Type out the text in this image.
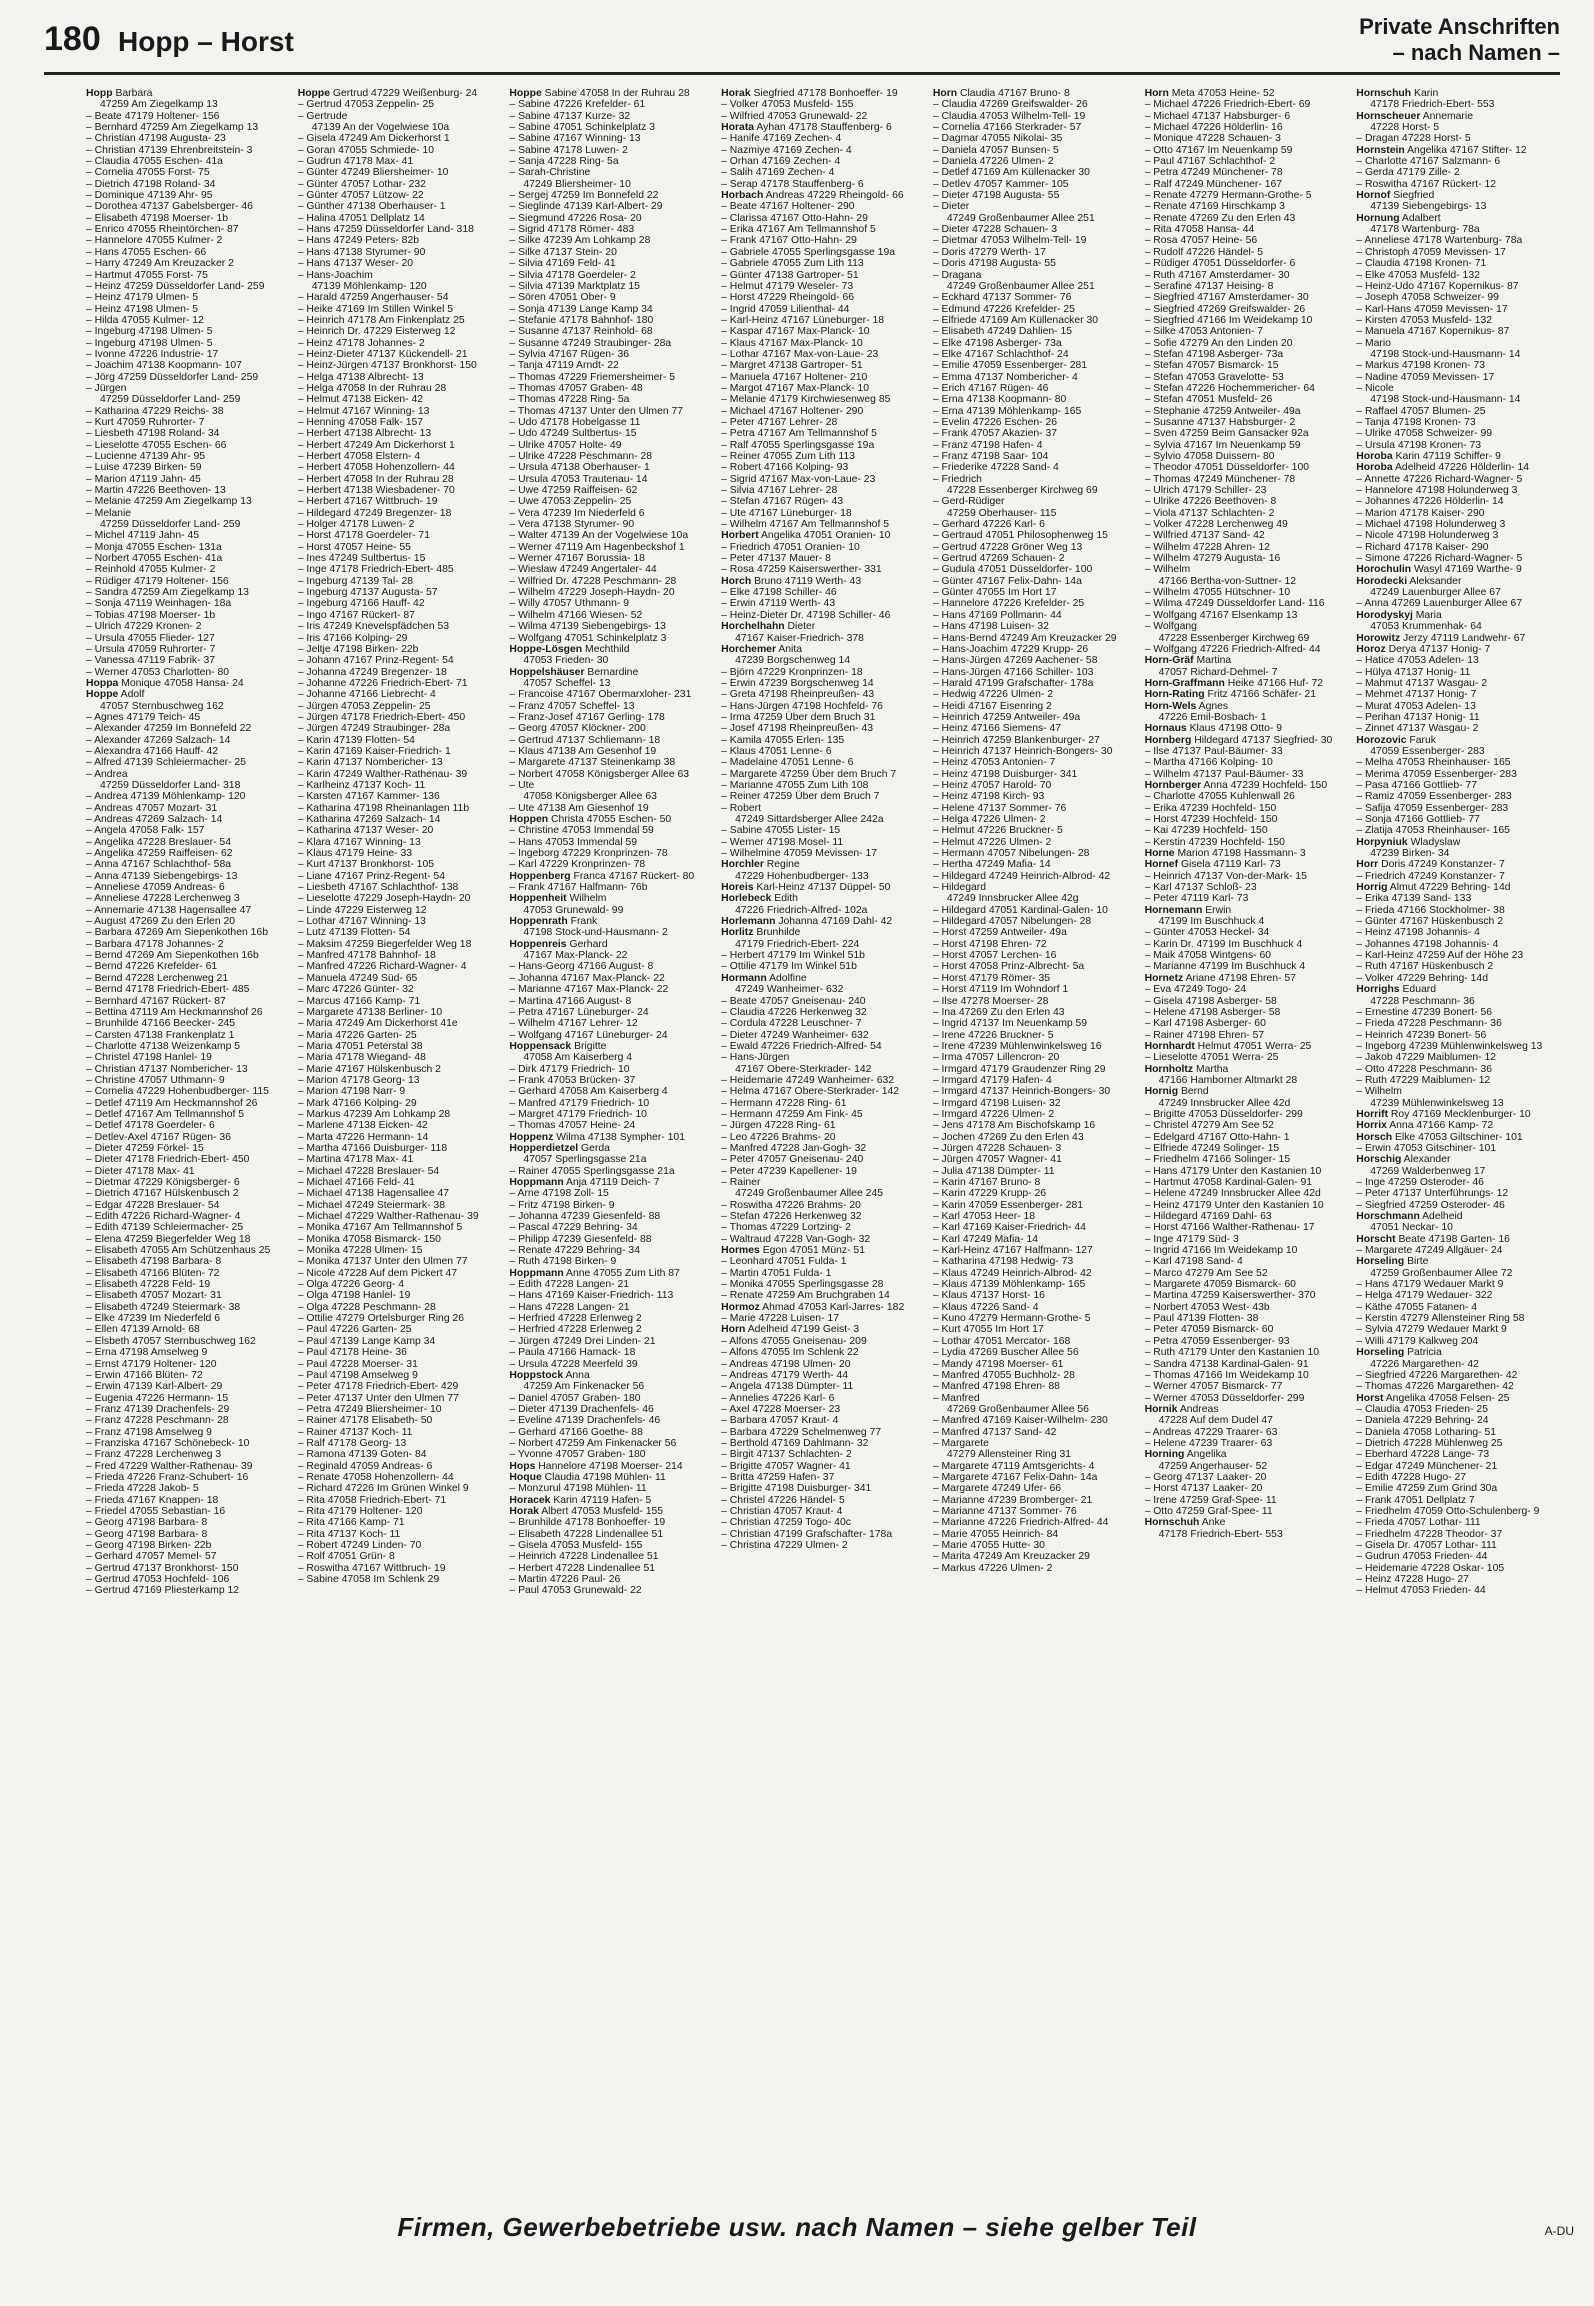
180 Hopp – Horst	Private Anschriften
– nach Namen –
Hopp Barbara
47259 Am Ziegelkamp 13
– Beate 47179 Holtener- 156
– Bernhard 47259 Am Ziegelkamp 13
– Christian 47198 Augusta- 23
– Christian 47139 Ehrenbreitstein- 3
– Claudia 47055 Eschen- 41a
– Cornelia 47055 Forst- 75
– Dietrich 47198 Roland- 34
– Dominique 47139 Ahr- 95
– Dorothea 47137 Gabelsberger- 46
– Elisabeth 47198 Moerser- 1b
– Enrico 47055 Rheintörchen- 87
– Hannelore 47055 Kulmer- 2
– Hans 47055 Eschen- 66
– Harry 47249 Am Kreuzacker 2
– Hartmut 47055 Forst- 75
– Heinz 47259 Düsseldorfer Land- 259
– Heinz 47179 Ulmen- 5
– Heinz 47198 Ulmen- 5
– Hilda 47055 Kulmer- 12
– Ingeburg 47198 Ulmen- 5
– Ingeburg 47198 Ulmen- 5
– Ivonne 47226 Industrie- 17
– Joachim 47138 Koopmann- 107
– Jörg 47259 Düsseldorfer Land- 259
– Jürgen
47259 Düsseldorfer Land- 259
– Katharina 47229 Reichs- 38
– Kurt 47059 Ruhrorter- 7
– Liesbeth 47198 Roland- 34
– Lieselotte 47055 Eschen- 66
– Lucienne 47139 Ahr- 95
– Luise 47239 Birken- 59
– Marion 47119 Jahn- 45
– Martin 47226 Beethoven- 13
– Melanie 47259 Am Ziegelkamp 13
– Melanie
47259 Düsseldorfer Land- 259
– Michel 47119 Jahn- 45
– Monja 47055 Eschen- 131a
– Norbert 47055 Eschen- 41a
– Reinhold 47055 Kulmer- 2
– Rüdiger 47179 Holtener- 156
– Sandra 47259 Am Ziegelkamp 13
– Sonja 47119 Weinhagen- 18a
– Tobias 47198 Moerser- 1b
– Ulrich 47229 Kronen- 2
– Ursula 47055 Flieder- 127
– Ursula 47059 Ruhrorter- 7
– Vanessa 47119 Fabrik- 37
– Werner 47053 Charlotten- 80
Hoppa Monique 47058 Hansa- 24
Hoppe Adolf
47057 Sternbuschweg 162
– Agnes 47179 Teich- 45
– Alexander 47259 Im Bonnefeld 22
– Alexander 47269 Salzach- 14
– Alexandra 47166 Hauff- 42
– Alfred 47139 Schleiermacher- 25
– Andrea
47259 Düsseldorfer Land- 318
– Andrea 47139 Möhlenkamp- 120
– Andreas 47057 Mozart- 31
– Andreas 47269 Salzach- 14
– Angela 47058 Falk- 157
– Angelika 47228 Breslauer- 54
– Angelika 47259 Raiffeisen- 62
– Anna 47167 Schlachthof- 58a
– Anna 47139 Siebengebirgs- 13
– Anneliese 47059 Andreas- 6
– Anneliese 47228 Lerchenweg 3
– Annemarie 47138 Hagensallee 47
– August 47269 Zu den Erlen 20
– Barbara 47269 Am Siepenkothen 16b
– Barbara 47178 Johannes- 2
– Bernd 47269 Am Siepenkothen 16b
– Bernd 47226 Krefelder- 61
– Bernd 47228 Lerchenweg 21
– Bernd 47178 Friedrich-Ebert- 485
– Bernhard 47167 Rückert- 87
– Bettina 47119 Am Heckmannshof 26
– Brunhilde 47166 Beecker- 245
– Carsten 47138 Frankenplatz 1
– Charlotte 47138 Weizenkamp 5
– Christel 47198 Hanlel- 19
– Christian 47137 Nombericher- 13
– Christine 47057 Uthmann- 9
– Cornelia 47229 Hohenbudberger- 115
– Detlef 47119 Am Heckmannshof 26
– Detlef 47167 Am Tellmannshof 5
– Detlef 47178 Goerdeler- 6
– Detlev-Axel 47167 Rügen- 36
– Dieter 47259 Förkel- 15
– Dieter 47178 Friedrich-Ebert- 450
– Dieter 47178 Max- 41
– Dietmar 47229 Königsberger- 6
– Dietrich 47167 Hülskenbusch 2
– Edgar 47228 Breslauer- 54
– Edith 47226 Richard-Wagner- 4
– Edith 47139 Schleiermacher- 25
– Elena 47259 Biegerfelder Weg 18
– Elisabeth 47055 Am Schützenhaus 25
– Elisabeth 47198 Barbara- 8
– Elisabeth 47166 Blüten- 72
– Elisabeth 47228 Feld- 19
– Elisabeth 47057 Mozart- 31
– Elisabeth 47249 Steiermark- 38
– Elke 47239 Im Niederfeld 6
– Ellen 47139 Arnold- 68
– Elsbeth 47057 Sternbuschweg 162
– Erna 47198 Amselweg 9
– Ernst 47179 Holtener- 120
– Erwin 47166 Blüten- 72
– Erwin 47139 Karl-Albert- 29
– Eugenia 47226 Hermann- 15
– Franz 47139 Drachenfels- 29
– Franz 47228 Peschmann- 28
– Franz 47198 Amselweg 9
– Franziska 47167 Schönebeck- 10
– Franz 47228 Lerchenweg 3
– Fred 47229 Walther-Rathenau- 39
– Frieda 47226 Franz-Schubert- 16
– Frieda 47228 Jakob- 5
– Frieda 47167 Knappen- 18
– Friedel 47055 Sebastian- 16
– Georg 47198 Barbara- 8
– Georg 47198 Barbara- 8
– Georg 47198 Birken- 22b
– Gerhard 47057 Memel- 57
– Gertrud 47137 Bronkhorst- 150
– Gertrud 47053 Hochfeld- 106
– Gertrud 47169 Pliesterkamp 12
Hoppe Gertrud 47229 Weißenburg- 24
– Gertrud 47053 Zeppelin- 25
– Gertrude
47139 An der Vogelwiese 10a
– Gisela 47249 Am Dickerhorst 1
– Goran 47055 Schmiede- 10
– Gudrun 47178 Max- 41
– Günter 47249 Bliersheimer- 10
– Günter 47057 Lothar- 232
– Günter 47057 Lützow- 22
– Günther 47138 Oberhauser- 1
– Halina 47051 Dellplatz 14
– Hans 47259 Düsseldorfer Land- 318
– Hans 47249 Peters- 82b
– Hans 47138 Styrumer- 90
– Hans 47137 Weser- 20
– Hans-Joachim
47139 Möhlenkamp- 120
– Harald 47259 Angerhauser- 54
– Heike 47169 Im Stillen Winkel 5
– Heinrich 47178 Am Finkenplatz 25
– Heinrich Dr. 47229 Eisterweg 12
– Heinz 47178 Johannes- 2
– Heinz-Dieter 47137 Kückendell- 21
– Heinz-Jürgen 47137 Bronkhorst- 150
– Helga 47138 Albrecht- 13
– Helga 47058 In der Ruhrau 28
– Helmut 47138 Eicken- 42
– Helmut 47167 Winning- 13
– Henning 47058 Falk- 157
– Herbert 47138 Albrecht- 13
– Herbert 47249 Am Dickerhorst 1
– Herbert 47058 Elstern- 4
– Herbert 47058 Hohenzollern- 44
– Herbert 47058 In der Ruhrau 28
– Herbert 47138 Wiesbadener- 70
– Herbert 47167 Wittbruch- 19
– Hildegard 47249 Bregenzer- 18
– Holger 47178 Luwen- 2
– Horst 47178 Goerdeler- 71
– Horst 47057 Heine- 55
– Ines 47249 Sultbertus- 15
– Inge 47178 Friedrich-Ebert- 485
– Ingeburg 47139 Tal- 28
– Ingeburg 47137 Augusta- 57
– Ingeburg 47166 Hauff- 42
– Ingo 47167 Rückert- 87
– Iris 47249 Knevelspfädchen 53
– Iris 47166 Kolping- 29
– Jeltje 47198 Birken- 22b
– Johann 47167 Prinz-Regent- 54
– Johanna 47249 Bregenzer- 18
– Johanne 47226 Friedrich-Ebert- 71
– Johanne 47166 Liebrecht- 4
– Jürgen 47053 Zeppelin- 25
– Jürgen 47178 Friedrich-Ebert- 450
– Jürgen 47249 Straubinger- 28a
– Karin 47139 Flotten- 54
– Karin 47169 Kaiser-Friedrich- 1
– Karin 47137 Nombericher- 13
– Karin 47249 Walther-Rathenau- 39
– Karlheinz 47137 Koch- 11
– Karsten 47167 Kammer- 136
– Katharina 47198 Rheinanlagen 11b
– Katharina 47269 Salzach- 14
– Katharina 47137 Weser- 20
– Klara 47167 Winning- 13
– Klaus 47179 Heine- 33
– Kurt 47137 Bronkhorst- 105
– Liane 47167 Prinz-Regent- 54
– Liesbeth 47167 Schlachthof- 138
– Lieselotte 47229 Joseph-Haydn- 20
– Linde 47229 Eisterweg 12
– Lothar 47167 Winning- 13
– Lutz 47139 Flotten- 54
– Maksim 47259 Biegerfelder Weg 18
– Manfred 47178 Bahnhof- 18
– Manfred 47226 Richard-Wagner- 4
– Manuela 47249 Süd- 65
– Marc 47226 Günter- 32
– Marcus 47166 Kamp- 71
– Margarete 47138 Berliner- 10
– Maria 47249 Am Dickerhorst 41e
– Maria 47226 Garten- 25
– Maria 47051 Peterstal 38
– Maria 47178 Wiegand- 48
– Marie 47167 Hülskenbusch 2
– Marion 47178 Georg- 13
– Marion 47198 Narr- 9
– Mark 47166 Kolping- 29
– Markus 47239 Am Lohkamp 28
– Marlene 47138 Eicken- 42
– Marta 47226 Hermann- 14
– Martha 47166 Duisburger- 118
– Martina 47178 Max- 41
– Michael 47228 Breslauer- 54
– Michael 47166 Feld- 41
– Michael 47138 Hagensallee 47
– Michael 47249 Steiermark- 38
– Michael 47229 Walther-Rathenau- 39
– Monika 47167 Am Tellmannshof 5
– Monika 47058 Bismarck- 150
– Monika 47228 Ulmen- 15
– Monika 47137 Unter den Ulmen 77
– Nicole 47228 Auf dem Pickert 47
– Olga 47226 Georg- 4
– Olga 47198 Hanlel- 19
– Olga 47228 Peschmann- 28
– Ottilie 47279 Ortelsburger Ring 26
– Paul 47226 Garten- 25
– Paul 47139 Lange Kamp 34
– Paul 47178 Heine- 36
– Paul 47228 Moerser- 31
– Paul 47198 Amselweg 9
– Peter 47178 Friedrich-Ebert- 429
– Peter 47137 Unter den Ulmen 77
– Petra 47249 Bliersheimer- 10
– Rainer 47178 Elisabeth- 50
– Rainer 47137 Koch- 11
– Ralf 47178 Georg- 13
– Ramona 47139 Goten- 84
– Reginald 47059 Andreas- 6
– Renate 47058 Hohenzollern- 44
– Richard 47226 Im Grünen Winkel 9
– Rita 47058 Friedrich-Ebert- 71
– Rita 47179 Holtener- 120
– Rita 47166 Kamp- 71
– Rita 47137 Koch- 11
– Robert 47249 Linden- 70
– Rolf 47051 Grün- 8
– Roswitha 47167 Wittbruch- 19
– Sabine 47058 Im Schlenk 29
Hoppe Sabine 47058 In der Ruhrau 28
– Sabine 47226 Krefelder- 61
– Sabine 47137 Kurze- 32
– Sabine 47051 Schinkelplatz 3
– Sabine 47167 Winning- 13
– Sabine 47178 Luwen- 2
– Sanja 47228 Ring- 5a
– Sarah-Christine
47249 Bliersheimer- 10
– Sergej 47259 Im Bonnefeld 22
– Sieglinde 47139 Karl-Albert- 29
– Siegmund 47226 Rosa- 20
– Sigrid 47178 Römer- 483
– Silke 47239 Am Lohkamp 28
– Silke 47137 Stein- 20
– Silvia 47169 Feld- 41
– Silvia 47178 Goerdeler- 2
– Silvia 47139 Marktplatz 15
– Sören 47051 Ober- 9
– Sonja 47139 Lange Kamp 34
– Stefanie 47178 Bahnhof- 180
– Susanne 47137 Reinhold- 68
– Susanne 47249 Straubinger- 28a
– Sylvia 47167 Rügen- 36
– Tanja 47119 Arndt- 22
– Thomas 47229 Friemersheimer- 5
– Thomas 47057 Graben- 48
– Thomas 47228 Ring- 5a
– Thomas 47137 Unter den Ulmen 77
– Udo 47178 Hobelgasse 11
– Udo 47249 Sultbertus- 15
– Ulrike 47057 Holte- 49
– Ulrike 47228 Peschmann- 28
– Ursula 47138 Oberhauser- 1
– Ursula 47053 Trautenau- 14
– Uwe 47259 Raiffeisen- 62
– Uwe 47053 Zeppelin- 25
– Vera 47239 Im Niederfeld 6
– Vera 47138 Styrumer- 90
– Walter 47139 An der Vogelwiese 10a
– Werner 47119 Am Hagenbeckshof 1
– Werner 47167 Borussia- 18
– Wieslaw 47249 Angertaler- 44
– Wilfried Dr. 47228 Peschmann- 28
– Wilhelm 47229 Joseph-Haydn- 20
– Willy 47057 Uthmann- 9
– Wilhelm 47166 Wiesen- 52
– Wilma 47139 Siebengebirgs- 13
– Wolfgang 47051 Schinkelplatz 3
Hoppe-Lösgen Mechthild
47053 Frieden- 30
Hoppelshäuser Bernardine
47057 Scheffel- 13
– Francoise 47167 Obermarxloher- 231
– Franz 47057 Scheffel- 13
– Franz-Josef 47167 Gerling- 178
– Georg 47057 Klöckner- 200
– Gertrud 47137 Schliemann- 18
– Klaus 47138 Am Gesenhof 19
– Margarete 47137 Steinenkamp 38
– Norbert 47058 Königsberger Allee 63
– Ute
47058 Königsberger Allee 63
– Ute 47138 Am Giesenhof 19
Hoppen Christa 47055 Eschen- 50
– Christine 47053 Immendal 59
– Hans 47053 Immendal 59
– Ingeborg 47229 Kronprinzen- 78
– Karl 47229 Kronprinzen- 78
Hoppenberg Franca 47167 Rückert- 80
– Frank 47167 Halfmann- 76b
Hoppenheit Wilhelm
47053 Grunewald- 99
Hoppenrath Frank
47198 Stock-und-Hausmann- 2
Hoppenreis Gerhard
47167 Max-Planck- 22
– Hans-Georg 47166 August- 8
– Johanna 47167 Max-Planck- 22
– Marianne 47167 Max-Planck- 22
– Martina 47166 August- 8
– Petra 47167 Lüneburger- 24
– Wilhelm 47167 Lehrer- 12
– Wolfgang 47167 Lüneburger- 24
Hoppensack Brigitte
47058 Am Kaiserberg 4
– Dirk 47179 Friedrich- 10
– Frank 47053 Brücken- 37
– Gerhard 47058 Am Kaiserberg 4
– Manfred 47179 Friedrich- 10
– Margret 47179 Friedrich- 10
– Thomas 47057 Heine- 24
Hoppenz Wilma 47138 Sympher- 101
Hopperdietzel Gerda
47057 Sperlingsgasse 21a
– Rainer 47055 Sperlingsgasse 21a
Hoppmann Anja 47119 Deich- 7
– Arne 47198 Zoll- 15
– Fritz 47198 Birken- 9
– Johanna 47239 Giesenfeld- 88
– Pascal 47229 Behring- 34
– Philipp 47239 Giesenfeld- 88
– Renate 47229 Behring- 34
– Ruth 47198 Birken- 9
Hoppmann Anne 47055 Zum Lith 87
– Edith 47228 Langen- 21
– Hans 47169 Kaiser-Friedrich- 113
– Hans 47228 Langen- 21
– Herfried 47228 Erlenweg 2
– Herfried 47228 Erlenweg 2
– Jürgen 47249 Drei Linden- 21
– Paula 47166 Hamack- 18
– Ursula 47228 Meerfeld 39
Hoppstock Anna
47259 Am Finkenacker 56
– Daniel 47057 Graben- 180
– Dieter 47139 Drachenfels- 46
– Eveline 47139 Drachenfels- 46
– Gerhard 47166 Goethe- 88
– Norbert 47259 Am Finkenacker 56
– Yvonne 47057 Graben- 180
Hops Hannelore 47198 Moerser- 214
Hoque Claudia 47198 Mühlen- 11
– Monzurul 47198 Mühlen- 11
Horacek Karin 47119 Hafen- 5
Horak Albert 47053 Musfeld- 155
– Brunhilde 47178 Bonhoeffer- 19
– Elisabeth 47228 Lindenallee 51
– Gisela 47053 Musfeld- 155
– Heinrich 47228 Lindenallee 51
– Herbert 47228 Lindenallee 51
– Martin 47226 Paul- 26
– Paul 47053 Grunewald- 22
Horak Siegfried 47178 Bonhoeffer- 19
– Volker 47053 Musfeld- 155
– Wilfried 47053 Grunewald- 22
Horata Ayhan 47178 Stauffenberg- 6
– Hanife 47169 Zechen- 4
– Nazmiye 47169 Zechen- 4
– Orhan 47169 Zechen- 4
– Salih 47169 Zechen- 4
– Serap 47178 Stauffenberg- 6
Horbach Andreas 47229 Rheingold- 66
– Beate 47167 Holtener- 290
– Clarissa 47167 Otto-Hahn- 29
– Erika 47167 Am Tellmannshof 5
– Frank 47167 Otto-Hahn- 29
– Gabriele 47055 Sperlingsgasse 19a
– Gabriele 47055 Zum Lith 113
– Günter 47138 Gartroper- 51
– Helmut 47179 Weseler- 73
– Horst 47229 Rheingold- 66
– Ingrid 47059 Lilienthal- 44
– Karl-Heinz 47167 Lüneburger- 18
– Kaspar 47167 Max-Planck- 10
– Klaus 47167 Max-Planck- 10
– Lothar 47167 Max-von-Laue- 23
– Margret 47138 Gartroper- 51
– Manuela 47167 Holtener- 210
– Margot 47167 Max-Planck- 10
– Melanie 47179 Kirchwiesenweg 85
– Michael 47167 Holtener- 290
– Peter 47167 Lehrer- 28
– Petra 47167 Am Tellmannshof 5
– Ralf 47055 Sperlingsgasse 19a
– Reiner 47055 Zum Lith 113
– Robert 47166 Kolping- 93
– Sigrid 47167 Max-von-Laue- 23
– Silvia 47167 Lehrer- 28
– Stefan 47167 Rügen- 43
– Ute 47167 Lüneburger- 18
– Wilhelm 47167 Am Tellmannshof 5
Horbert Angelika 47051 Oranien- 10
– Friedrich 47051 Oranien- 10
– Peter 47137 Mauer- 8
– Rosa 47259 Kaiserswerther- 331
Horch Bruno 47119 Werth- 43
– Elke 47198 Schiller- 46
– Erwin 47119 Werth- 43
– Heinz-Dieter Dr. 47198 Schiller- 46
Horchelhahn Dieter
47167 Kaiser-Friedrich- 378
Horchemer Anita
47239 Borgschenweg 14
– Björn 47229 Kronprinzen- 18
– Erwin 47239 Borgschenweg 14
– Greta 47198 Rheinpreußen- 43
– Hans-Jürgen 47198 Hochfeld- 76
– Irma 47259 Über dem Bruch 31
– Josef 47198 Rheinpreußen- 43
– Kamila 47055 Erlen- 135
– Klaus 47051 Lenne- 6
– Madelaine 47051 Lenne- 6
– Margarete 47259 Über dem Bruch 7
– Marianne 47055 Zum Lith 108
– Reiner 47259 Über dem Bruch 7
– Robert
47249 Sittardsberger Allee 242a
– Sabine 47055 Lister- 15
– Werner 47198 Mosel- 11
– Wilhelmine 47059 Mevissen- 17
Horchler Regine
47229 Hohenbudberger- 133
Horeis Karl-Heinz 47137 Düppel- 50
Horlebeck Edith
47226 Friedrich-Alfred- 102a
Horlemann Johanna 47169 Dahl- 42
Horlitz Brunhilde
47179 Friedrich-Ebert- 224
– Herbert 47179 Im Winkel 51b
– Ottilie 47179 Im Winkel 51b
Hormann Adolfine
47249 Wanheimer- 632
– Beate 47057 Gneisenau- 240
– Claudia 47226 Herkenweg 32
– Cordula 47228 Leuschner- 7
– Dieter 47249 Wanheimer- 632
– Ewald 47226 Friedrich-Alfred- 54
– Hans-Jürgen
47167 Obere-Sterkrader- 142
– Heidemarie 47249 Wanheimer- 632
– Helma 47167 Obere-Sterkrader- 142
– Hermann 47228 Ring- 61
– Hermann 47259 Am Fink- 45
– Jürgen 47228 Ring- 61
– Leo 47226 Brahms- 20
– Manfred 47228 Jan-Gogh- 32
– Peter 47057 Gneisenau- 240
– Peter 47239 Kapellener- 19
– Rainer
47249 Großenbaumer Allee 245
– Roswitha 47226 Brahms- 20
– Stefan 47226 Herkenweg 32
– Thomas 47229 Lortzing- 2
– Waltraud 47228 Van-Gogh- 32
Hormes Egon 47051 Münz- 51
– Leonhard 47051 Fulda- 1
– Martin 47051 Fulda- 1
– Monika 47055 Sperlingsgasse 28
– Renate 47259 Am Bruchgraben 14
Hormoz Ahmad 47053 Karl-Jarres- 182
– Marie 47228 Luisen- 17
Horn Adelheid 47199 Geist- 3
– Alfons 47055 Gneisenau- 209
– Alfons 47055 Im Schlenk 22
– Andreas 47198 Ulmen- 20
– Andreas 47179 Werth- 44
– Angela 47138 Dümpter- 11
– Annelies 47226 Karl- 6
– Axel 47228 Moerser- 23
– Barbara 47057 Kraut- 4
– Barbara 47229 Schelmenweg 77
– Berthold 47169 Dahlmann- 32
– Birgit 47137 Schlachten- 2
– Brigitte 47057 Wagner- 41
– Britta 47259 Hafen- 37
– Brigitte 47198 Duisburger- 341
– Christel 47226 Händel- 5
– Christian 47057 Kraut- 4
– Christian 47259 Togo- 40c
– Christian 47199 Grafschafter- 178a
– Christina 47229 Ulmen- 2
Horn Claudia 47167 Bruno- 8
– Claudia 47269 Greifswalder- 26
– Claudia 47053 Wilhelm-Tell- 19
– Cornelia 47166 Sterkrader- 57
– Dagmar 47055 Nikolai- 35
– Daniela 47057 Bunsen- 5
– Daniela 47226 Ulmen- 2
– Detlef 47169 Am Küllenacker 30
– Detlev 47057 Kammer- 105
– Dieter 47198 Augusta- 55
– Dieter
47249 Großenbaumer Allee 251
– Dieter 47228 Schauen- 3
– Dietmar 47053 Wilhelm-Tell- 19
– Doris 47279 Werth- 17
– Doris 47198 Augusta- 55
– Dragana
47249 Großenbaumer Allee 251
– Eckhard 47137 Sommer- 76
– Edmund 47226 Krefelder- 25
– Elfriede 47169 Am Küllenacker 30
– Elisabeth 47249 Dahlien- 15
– Elke 47198 Asberger- 73a
– Elke 47167 Schlachthof- 24
– Emilie 47059 Essenberger- 281
– Emma 47137 Nombericher- 4
– Erich 47167 Rügen- 46
– Erna 47138 Koopmann- 80
– Erna 47139 Möhlenkamp- 165
– Evelin 47226 Eschen- 26
– Frank 47057 Akazien- 37
– Franz 47198 Hafen- 4
– Franz 47198 Saar- 104
– Friederike 47228 Sand- 4
– Friedrich
47228 Essenberger Kirchweg 69
– Gerd-Rüdiger
47259 Oberhauser- 115
– Gerhard 47226 Karl- 6
– Gertraud 47051 Philosophenweg 15
– Gertrud 47228 Gröner Weg 13
– Gertrud 47269 Schauen- 2
– Gudula 47051 Düsseldorfer- 100
– Günter 47167 Felix-Dahn- 14a
– Günter 47055 Im Hort 17
– Hannelore 47226 Krefelder- 25
– Hans 47169 Pollmann- 44
– Hans 47198 Luisen- 32
– Hans-Bernd 47249 Am Kreuzacker 29
– Hans-Joachim 47229 Krupp- 26
– Hans-Jürgen 47269 Aachener- 58
– Hans-Jürgen 47166 Schiller- 103
– Harald 47199 Grafschafter- 178a
– Hedwig 47226 Ulmen- 2
– Heidi 47167 Eisenring 2
– Heinrich 47259 Antweiler- 49a
– Heinz 47166 Siemens- 47
– Heinrich 47259 Blankenburger- 27
– Heinrich 47137 Heinrich-Bongers- 30
– Heinz 47053 Antonien- 7
– Heinz 47198 Duisburger- 341
– Heinz 47057 Harold- 70
– Heinz 47198 Kirch- 93
– Helene 47137 Sommer- 76
– Helga 47226 Ulmen- 2
– Helmut 47226 Bruckner- 5
– Helmut 47226 Ulmen- 2
– Hermann 47057 Nibelungen- 28
– Hertha 47249 Mafia- 14
– Hildegard 47249 Heinrich-Albrod- 42
– Hildegard
47249 Innsbrucker Allee 42g
– Hildegard 47051 Kardinal-Galen- 10
– Hildegard 47057 Nibelungen- 28
– Horst 47259 Antweiler- 49a
– Horst 47198 Ehren- 72
– Horst 47057 Lerchen- 16
– Horst 47058 Prinz-Albrecht- 5a
– Horst 47179 Römer- 35
– Horst 47119 Im Wohndorf 1
– Ilse 47278 Moerser- 28
– Ina 47269 Zu den Erlen 43
– Ingrid 47137 Im Neuenkamp 59
– Irene 47226 Bruckner- 5
– Irene 47239 Mühlenwinkelsweg 16
– Irma 47057 Lillencron- 20
– Irmgard 47179 Graudenzer Ring 29
– Irmgard 47179 Hafen- 4
– Irmgard 47137 Heinrich-Bongers- 30
– Irmgard 47198 Luisen- 32
– Irmgard 47226 Ulmen- 2
– Jens 47178 Am Bischofskamp 16
– Jochen 47269 Zu den Erlen 43
– Jürgen 47228 Schauen- 3
– Jürgen 47057 Wagner- 41
– Julia 47138 Dümpter- 11
– Karin 47167 Bruno- 8
– Karin 47229 Krupp- 26
– Karin 47059 Essenberger- 281
– Karl 47053 Heer- 18
– Karl 47169 Kaiser-Friedrich- 44
– Karl 47249 Mafia- 14
– Karl-Heinz 47167 Halfmann- 127
– Katharina 47198 Hedwig- 73
– Klaus 47249 Heinrich-Albrod- 42
– Klaus 47139 Möhlenkamp- 165
– Klaus 47137 Horst- 16
– Klaus 47226 Sand- 4
– Kuno 47279 Hermann-Grothe- 5
– Kurt 47055 Im Hort 17
– Lothar 47051 Mercator- 168
– Lydia 47269 Buscher Allee 56
– Mandy 47198 Moerser- 61
– Manfred 47055 Buchholz- 28
– Manfred 47198 Ehren- 88
– Manfred
47269 Großenbaumer Allee 56
– Manfred 47169 Kaiser-Wilhelm- 230
– Manfred 47137 Sand- 42
– Margarete
47279 Allensteiner Ring 31
– Margarete 47119 Amtsgerichts- 4
– Margarete 47167 Felix-Dahn- 14a
– Margarete 47249 Ufer- 66
– Marianne 47239 Bromberger- 21
– Marianne 47137 Sommer- 76
– Marianne 47226 Friedrich-Alfred- 44
– Marie 47055 Heinrich- 84
– Marie 47055 Hutte- 30
– Marita 47249 Am Kreuzacker 29
– Markus 47226 Ulmen- 2
Horn Meta 47053 Heine- 52
– Michael 47226 Friedrich-Ebert- 69
– Michael 47137 Habsburger- 6
– Michael 47226 Hölderlin- 16
– Monique 47228 Schauen- 3
– Otto 47167 Im Neuenkamp 59
– Paul 47167 Schlachthof- 2
– Petra 47249 Münchener- 78
– Ralf 47249 Münchener- 167
– Renate 47279 Hermann-Grothe- 5
– Renate 47169 Hirschkamp 3
– Renate 47269 Zu den Erlen 43
– Rita 47058 Hansa- 44
– Rosa 47057 Heine- 56
– Rudolf 47226 Händel- 5
– Rüdiger 47051 Düsseldorfer- 6
– Ruth 47167 Amsterdamer- 30
– Serafine 47137 Heising- 8
– Siegfried 47167 Amsterdamer- 30
– Siegfried 47269 Greifswalder- 26
– Siegfried 47166 Im Weidekamp 10
– Silke 47053 Antonien- 7
– Sofie 47279 An den Linden 20
– Stefan 47198 Asberger- 73a
– Stefan 47057 Bismarck- 15
– Stefan 47053 Gravelotte- 53
– Stefan 47226 Hochemmericher- 64
– Stefan 47051 Musfeld- 26
– Stephanie 47259 Antweiler- 49a
– Susanne 47137 Habsburger- 2
– Sven 47259 Beim Gansacker 92a
– Sylvia 47167 Im Neuenkamp 59
– Sylvio 47058 Duissern- 80
– Theodor 47051 Düsseldorfer- 100
– Thomas 47249 Münchener- 78
– Ulrich 47179 Schiller- 23
– Ulrike 47226 Beethoven- 8
– Viola 47137 Schlachten- 2
– Volker 47228 Lerchenweg 49
– Wilfried 47137 Sand- 42
– Wilhelm 47228 Ahren- 12
– Wilhelm 47279 Augusta- 16
– Wilhelm
47166 Bertha-von-Suttner- 12
– Wilhelm 47055 Hütschner- 10
– Wilma 47249 Düsseldorfer Land- 116
– Wolfgang 47167 Elsenkamp 13
– Wolfgang
47228 Essenberger Kirchweg 69
– Wolfgang 47226 Friedrich-Alfred- 44
Horn-Gräf Martina
47057 Richard-Dehmel- 7
Horn-Graffmann Heike 47166 Huf- 72
Horn-Rating Fritz 47166 Schäfer- 21
Horn-Wels Agnes
47226 Emil-Bosbach- 1
Hornaus Klaus 47198 Otto- 9
Hornberg Hildegard 47137 Siegfried- 30
– Ilse 47137 Paul-Bäumer- 33
– Martha 47166 Kolping- 10
– Wilhelm 47137 Paul-Bäumer- 33
Hornberger Anna 47239 Hochfeld- 150
– Charlotte 47055 Kuhlenwall 26
– Erika 47239 Hochfeld- 150
– Horst 47239 Hochfeld- 150
– Kai 47239 Hochfeld- 150
– Kerstin 47239 Hochfeld- 150
Horne Marion 47198 Hassmann- 3
Hornef Gisela 47119 Karl- 73
– Heinrich 47137 Von-der-Mark- 15
– Karl 47137 Schloß- 23
– Peter 47119 Karl- 73
Hornemann Erwin
47199 Im Buschhuck 4
– Günter 47053 Heckel- 34
– Karin Dr. 47199 Im Buschhuck 4
– Maik 47058 Wintgens- 60
– Marianne 47199 Im Buschhuck 4
Hornetz Ariane 47198 Ehren- 57
– Eva 47249 Togo- 24
– Gisela 47198 Asberger- 58
– Helene 47198 Asberger- 58
– Karl 47198 Asberger- 60
– Rainer 47198 Ehren- 57
Hornhardt Helmut 47051 Werra- 25
– Lieselotte 47051 Werra- 25
Hornholtz Martha
47166 Hamborner Altmarkt 28
Hornig Bernd
47249 Innsbrucker Allee 42d
– Brigitte 47053 Düsseldorfer- 299
– Christel 47279 Am See 52
– Edelgard 47167 Otto-Hahn- 1
– Elfriede 47249 Solinger- 15
– Friedhelm 47166 Solinger- 15
– Hans 47179 Unter den Kastanien 10
– Hartmut 47058 Kardinal-Galen- 91
– Helene 47249 Innsbrucker Allee 42d
– Heinz 47179 Unter den Kastanien 10
– Hildegard 47169 Dahl- 63
– Horst 47166 Walther-Rathenau- 17
– Inge 47179 Süd- 3
– Ingrid 47166 Im Weidekamp 10
– Karl 47198 Sand- 4
– Marco 47279 Am See 52
– Margarete 47059 Bismarck- 60
– Martina 47259 Kaiserswerther- 370
– Norbert 47053 West- 43b
– Paul 47139 Flotten- 38
– Peter 47059 Bismarck- 60
– Petra 47059 Essenberger- 93
– Ruth 47179 Unter den Kastanien 10
– Sandra 47138 Kardinal-Galen- 91
– Thomas 47166 Im Weidekamp 10
– Werner 47057 Bismarck- 77
– Werner 47053 Düsseldorfer- 299
Hornik Andreas
47228 Auf dem Dudel 47
– Andreas 47229 Traarer- 63
– Helene 47239 Traarer- 63
Horning Angelika
47259 Angerhauser- 52
– Georg 47137 Laaker- 20
– Horst 47137 Laaker- 20
– Irene 47259 Graf-Spee- 11
– Otto 47259 Graf-Spee- 11
Hornschuh Anke
47178 Friedrich-Ebert- 553
Hornschuh Karin
47178 Friedrich-Ebert- 553
Hornscheuer Annemarie
47228 Horst- 5
– Dragan 47228 Horst- 5
Hornstein Angelika 47167 Stifter- 12
– Charlotte 47167 Salzmann- 6
– Gerda 47179 Zille- 2
– Roswitha 47167 Rückert- 12
Hornof Siegfried
47139 Siebengebirgs- 13
Hornung Adalbert
47178 Wartenburg- 78a
– Anneliese 47178 Wartenburg- 78a
– Christoph 47059 Mevissen- 17
– Claudia 47198 Kronen- 71
– Elke 47053 Musfeld- 132
– Heinz-Udo 47167 Kopernikus- 87
– Joseph 47058 Schweizer- 99
– Karl-Hans 47059 Mevissen- 17
– Kirsten 47053 Musfeld- 132
– Manuela 47167 Kopernikus- 87
– Mario
47198 Stock-und-Hausmann- 14
– Markus 47198 Kronen- 73
– Nadine 47059 Mevissen- 17
– Nicole
47198 Stock-und-Hausmann- 14
– Raffael 47057 Blumen- 25
– Tanja 47198 Kronen- 73
– Ulrike 47058 Schweizer- 99
– Ursula 47198 Kronen- 73
Horoba Karin 47119 Schiffer- 9
Horoba Adelheid 47226 Hölderlin- 14
– Annette 47226 Richard-Wagner- 5
– Hannelore 47198 Holunderweg 3
– Johannes 47226 Hölderlin- 14
– Marion 47178 Kaiser- 290
– Michael 47198 Holunderweg 3
– Nicole 47198 Holunderweg 3
– Richard 47178 Kaiser- 290
– Simone 47226 Richard-Wagner- 5
Horochulin Wasyl 47169 Warthe- 9
Horodecki Aleksander
47249 Lauenburger Allee 67
– Anna 47269 Lauenburger Allee 67
Horodyskyj Maria
47053 Krummenhak- 64
Horowitz Jerzy 47119 Landwehr- 67
Horoz Derya 47137 Honig- 7
– Hatice 47053 Adelen- 13
– Hülya 47137 Honig- 11
– Mahmut 47137 Wasgau- 2
– Mehmet 47137 Honig- 7
– Murat 47053 Adelen- 13
– Perihan 47137 Honig- 11
– Zinnet 47137 Wasgau- 2
Horozovic Faruk
47059 Essenberger- 283
– Melha 47053 Rheinhauser- 165
– Merima 47059 Essenberger- 283
– Pasa 47166 Gottlieb- 77
– Ramiz 47059 Essenberger- 283
– Safija 47059 Essenberger- 283
– Sonja 47166 Gottlieb- 77
– Zlatija 47053 Rheinhauser- 165
Horpyniuk Wladyslaw
47239 Birken- 34
Horr Doris 47249 Konstanzer- 7
– Friedrich 47249 Konstanzer- 7
Horrig Almut 47229 Behring- 14d
– Erika 47139 Sand- 133
– Frieda 47166 Stockholmer- 38
– Günter 47167 Hüskenbusch 2
– Heinz 47198 Johannis- 4
– Johannes 47198 Johannis- 4
– Karl-Heinz 47259 Auf der Höhe 23
– Ruth 47167 Hüskenbusch 2
– Volker 47229 Behring- 14d
Horrighs Eduard
47228 Peschmann- 36
– Ernestine 47239 Bonert- 56
– Frieda 47228 Peschmann- 36
– Heinrich 47239 Bonert- 56
– Ingeborg 47239 Mühlenwinkelsweg 13
– Jakob 47229 Maiblumen- 12
– Otto 47228 Peschmann- 36
– Ruth 47229 Maiblumen- 12
– Wilhelm
47239 Mühlenwinkelsweg 13
Horrift Roy 47169 Mecklenburger- 10
Horrix Anna 47166 Kamp- 72
Horsch Elke 47053 Giltschiner- 101
– Erwin 47053 Gitschiner- 101
Horschig Alexander
47269 Walderbenweg 17
– Inge 47259 Osteroder- 46
– Peter 47137 Unterführungs- 12
– Siegfried 47259 Osteroder- 46
Horschmann Adelheid
47051 Neckar- 10
Horscht Beate 47198 Garten- 16
– Margarete 47249 Allgäuer- 24
Horseling Birte
47259 Großenbaumer Allee 72
– Hans 47179 Wedauer Markt 9
– Helga 47179 Wedauer- 322
– Käthe 47055 Fatanen- 4
– Kerstin 47279 Allensteiner Ring 58
– Sylvia 47279 Wedauer Markt 9
– Willi 47179 Kalkweg 204
Horseling Patricia
47226 Margarethen- 42
– Siegfried 47226 Margarethen- 42
– Thomas 47226 Margarethen- 42
Horst Angelika 47058 Felsen- 25
– Claudia 47053 Frieden- 25
– Daniela 47229 Behring- 24
– Daniela 47058 Lotharing- 51
– Dietrich 47228 Mühlenweg 25
– Eberhard 47228 Lange- 73
– Edgar 47249 Münchener- 21
– Edith 47228 Hugo- 27
– Emilie 47259 Zum Grind 30a
– Frank 47051 Dellplatz 7
– Friedhelm 47059 Otto-Schulenberg- 9
– Frieda 47057 Lothar- 111
– Friedhelm 47228 Theodor- 37
– Gisela Dr. 47057 Lothar- 111
– Gudrun 47053 Frieden- 44
– Heidemarie 47228 Oskar- 105
– Heinz 47228 Hugo- 27
– Helmut 47053 Frieden- 44
Firmen, Gewerbebetriebe usw. nach Namen – siehe gelber Teil	A-DU
